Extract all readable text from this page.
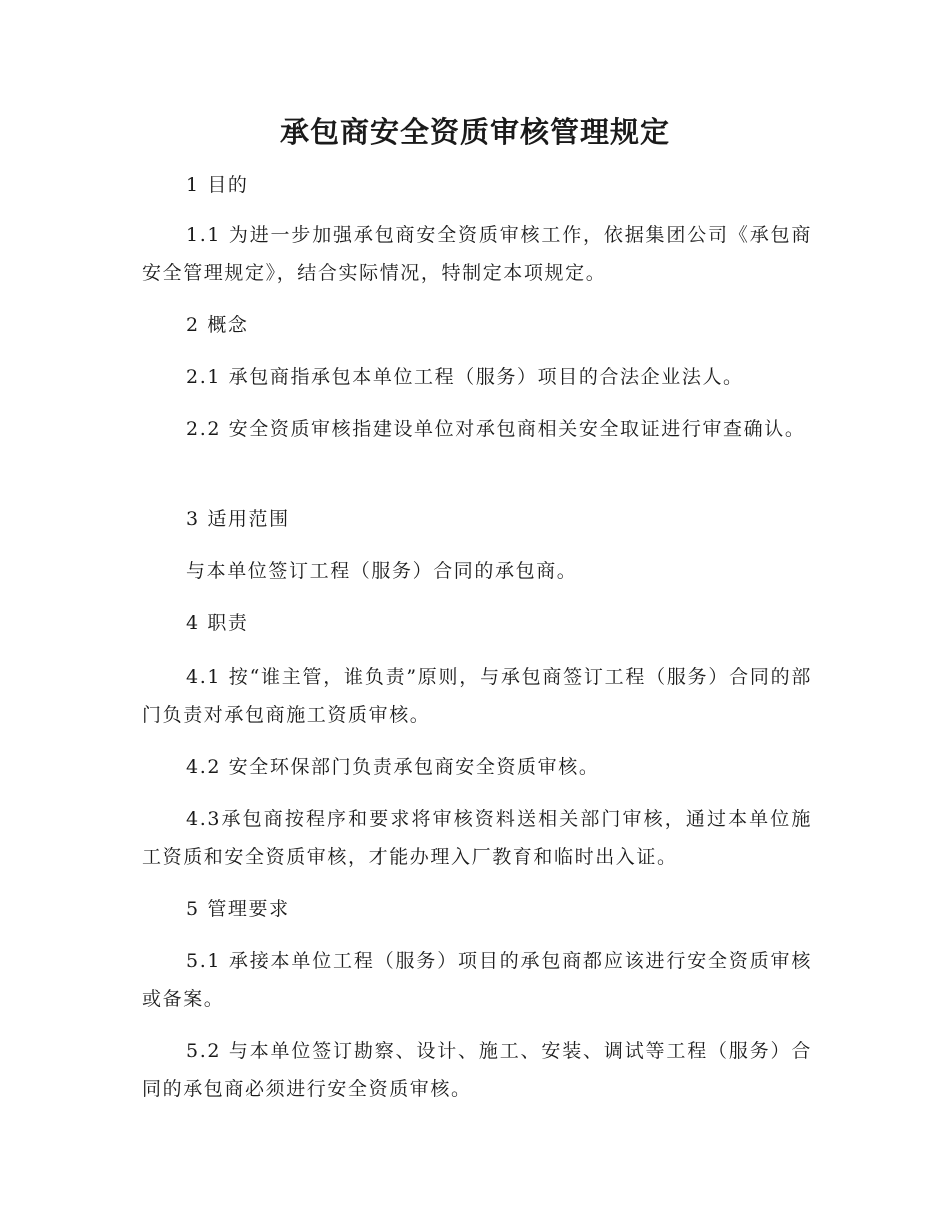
承包商安全资质审核管理规定

1 目的

1.1 为进一步加强承包商安全资质审核工作，依据集团公司《承包商安全管理规定》，结合实际情况，特制定本项规定。

2 概念

2.1 承包商指承包本单位工程（服务）项目的合法企业法人。

2.2 安全资质审核指建设单位对承包商相关安全取证进行审查确认。

3 适用范围

与本单位签订工程（服务）合同的承包商。

4 职责

4.1 按“谁主管，谁负责”原则，与承包商签订工程（服务）合同的部门负责对承包商施工资质审核。

4.2 安全环保部门负责承包商安全资质审核。

4.3承包商按程序和要求将审核资料送相关部门审核，通过本单位施工资质和安全资质审核，才能办理入厂教育和临时出入证。

5 管理要求

5.1 承接本单位工程（服务）项目的承包商都应该进行安全资质审核或备案。

5.2 与本单位签订勘察、设计、施工、安装、调试等工程（服务）合同的承包商必须进行安全资质审核。
